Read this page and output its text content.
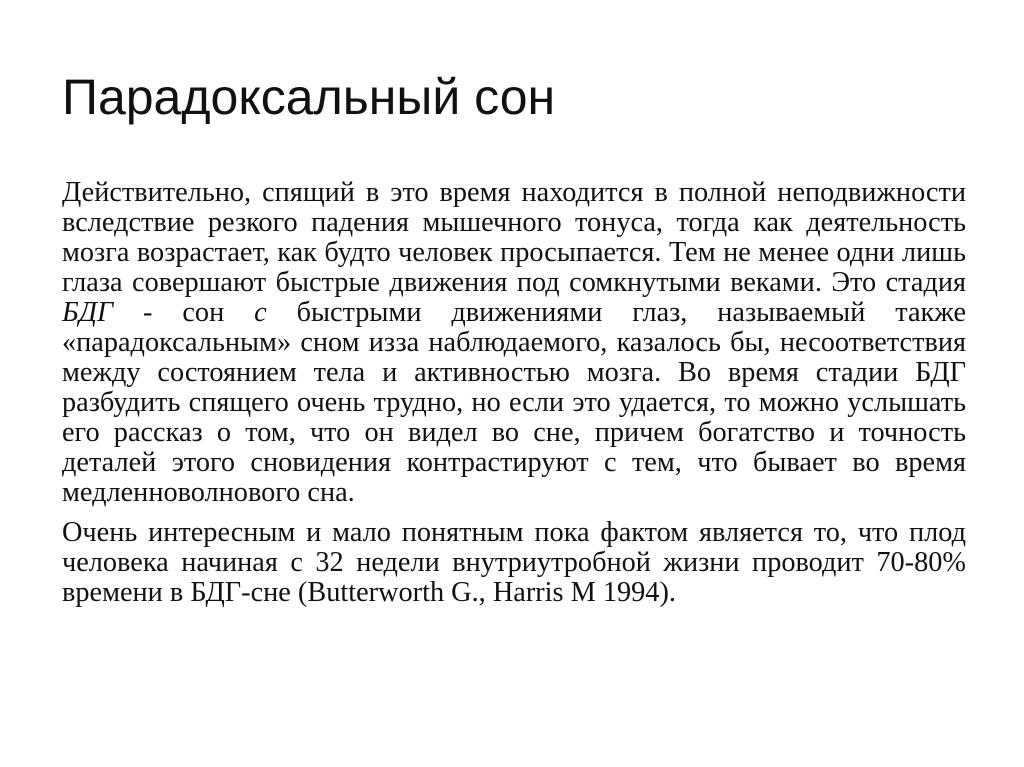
Парадоксальный сон

Действительно, спящий в это время находится в полной неподвижности вследствие резкого падения мышечного тонуса, тогда как деятельность мозга возрастает, как будто человек просыпается. Тем не менее одни лишь глаза совершают быстрые движения под сомкнутыми веками. Это стадия БДГ - сон с быстрыми движениями глаз, называемый также «парадоксальным» сном изза наблюдаемого, казалось бы, несоответствия между состоянием тела и активностью мозга. Во время стадии БДГ разбудить спящего очень трудно, но если это удается, то можно услышать его рассказ о том, что он видел во сне, причем богатство и точность деталей этого сновидения контрастируют с тем, что бывает во время медленноволнового сна.

Очень интересным и мало понятным пока фактом является то, что плод человека начиная с 32 недели внутриутробной жизни проводит 70-80% времени в БДГ-сне (Butterworth G., Harris M 1994).
